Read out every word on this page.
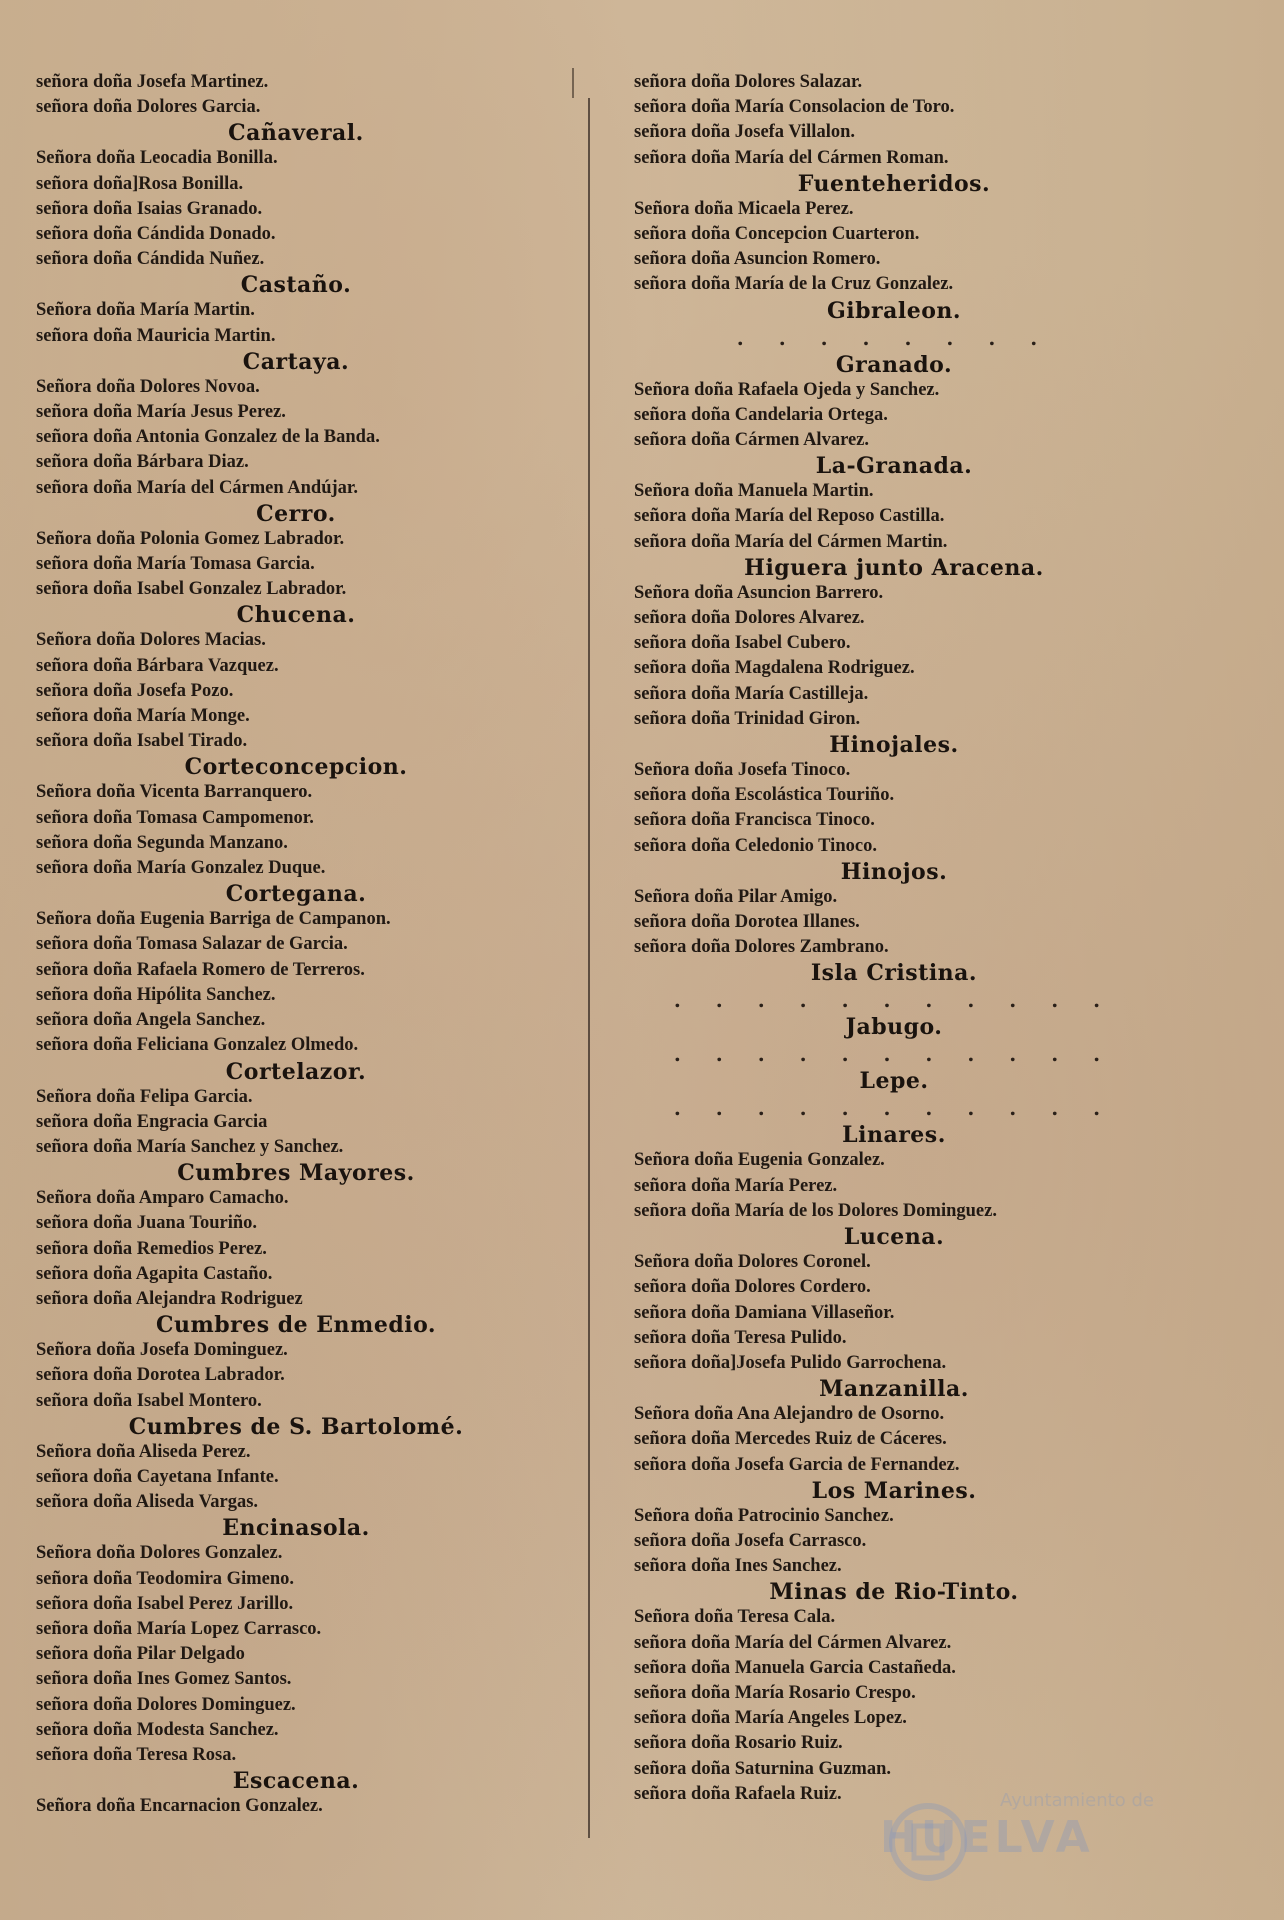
señora doña Josefa Martinez.
señora doña Dolores Garcia.
Cañaveral.
Señora doña Leocadia Bonilla.
señora doña]Rosa Bonilla.
señora doña Isaias Granado.
señora doña Cándida Donado.
señora doña Cándida Nuñez.
Castaño.
Señora doña María Martin.
señora doña Mauricia Martin.
Cartaya.
Señora doña Dolores Novoa.
señora doña María Jesus Perez.
señora doña Antonia Gonzalez de la Banda.
señora doña Bárbara Diaz.
señora doña María del Cármen Andújar.
Cerro.
Señora doña Polonia Gomez Labrador.
señora doña María Tomasa Garcia.
señora doña Isabel Gonzalez Labrador.
Chucena.
Señora doña Dolores Macias.
señora doña Bárbara Vazquez.
señora doña Josefa Pozo.
señora doña María Monge.
señora doña Isabel Tirado.
Corteconcepcion.
Señora doña Vicenta Barranquero.
señora doña Tomasa Campomenor.
señora doña Segunda Manzano.
señora doña María Gonzalez Duque.
Cortegana.
Señora doña Eugenia Barriga de Campanon.
señora doña Tomasa Salazar de Garcia.
señora doña Rafaela Romero de Terreros.
señora doña Hipólita Sanchez.
señora doña Angela Sanchez.
señora doña Feliciana Gonzalez Olmedo.
Cortelazor.
Señora doña Felipa Garcia.
señora doña Engracia Garcia
señora doña María Sanchez y Sanchez.
Cumbres Mayores.
Señora doña Amparo Camacho.
señora doña Juana Touriño.
señora doña Remedios Perez.
señora doña Agapita Castaño.
señora doña Alejandra Rodriguez
Cumbres de Enmedio.
Señora doña Josefa Dominguez.
señora doña Dorotea Labrador.
señora doña Isabel Montero.
Cumbres de S. Bartolomé.
Señora doña Aliseda Perez.
señora doña Cayetana Infante.
señora doña Aliseda Vargas.
Encinasola.
Señora doña Dolores Gonzalez.
señora doña Teodomira Gimeno.
señora doña Isabel Perez Jarillo.
señora doña María Lopez Carrasco.
señora doña Pilar Delgado
señora doña Ines Gomez Santos.
señora doña Dolores Dominguez.
señora doña Modesta Sanchez.
señora doña Teresa Rosa.
Escacena.
Señora doña Encarnacion Gonzalez.
señora doña Dolores Salazar.
señora doña María Consolacion de Toro.
señora doña Josefa Villalon.
señora doña María del Cármen Roman.
Fuenteheridos.
Señora doña Micaela Perez.
señora doña Concepcion Cuarteron.
señora doña Asuncion Romero.
señora doña María de la Cruz Gonzalez.
Gibraleon.
. . . . . . . .
Granado.
Señora doña Rafaela Ojeda y Sanchez.
señora doña Candelaria Ortega.
señora doña Cármen Alvarez.
La-Granada.
Señora doña Manuela Martin.
señora doña María del Reposo Castilla.
señora doña María del Cármen Martin.
Higuera junto Aracena.
Señora doña Asuncion Barrero.
señora doña Dolores Alvarez.
señora doña Isabel Cubero.
señora doña Magdalena Rodriguez.
señora doña María Castilleja.
señora doña Trinidad Giron.
Hinojales.
Señora doña Josefa Tinoco.
señora doña Escolástica Touriño.
señora doña Francisca Tinoco.
señora doña Celedonio Tinoco.
Hinojos.
Señora doña Pilar Amigo.
señora doña Dorotea Illanes.
señora doña Dolores Zambrano.
Isla Cristina.
. . . . . . . . . . .
Jabugo.
. . . . . . . . . . .
Lepe.
. . . . . . . . . . .
Linares.
Señora doña Eugenia Gonzalez.
señora doña María Perez.
señora doña María de los Dolores Dominguez.
Lucena.
Señora doña Dolores Coronel.
señora doña Dolores Cordero.
señora doña Damiana Villaseñor.
señora doña Teresa Pulido.
señora doña]Josefa Pulido Garrochena.
Manzanilla.
Señora doña Ana Alejandro de Osorno.
señora doña Mercedes Ruiz de Cáceres.
señora doña Josefa Garcia de Fernandez.
Los Marines.
Señora doña Patrocinio Sanchez.
señora doña Josefa Carrasco.
señora doña Ines Sanchez.
Minas de Rio-Tinto.
Señora doña Teresa Cala.
señora doña María del Cármen Alvarez.
señora doña Manuela Garcia Castañeda.
señora doña María Rosario Crespo.
señora doña María Angeles Lopez.
señora doña Rosario Ruiz.
señora doña Saturnina Guzman.
señora doña Rafaela Ruiz.	Ayuntamiento de
HUELVA
